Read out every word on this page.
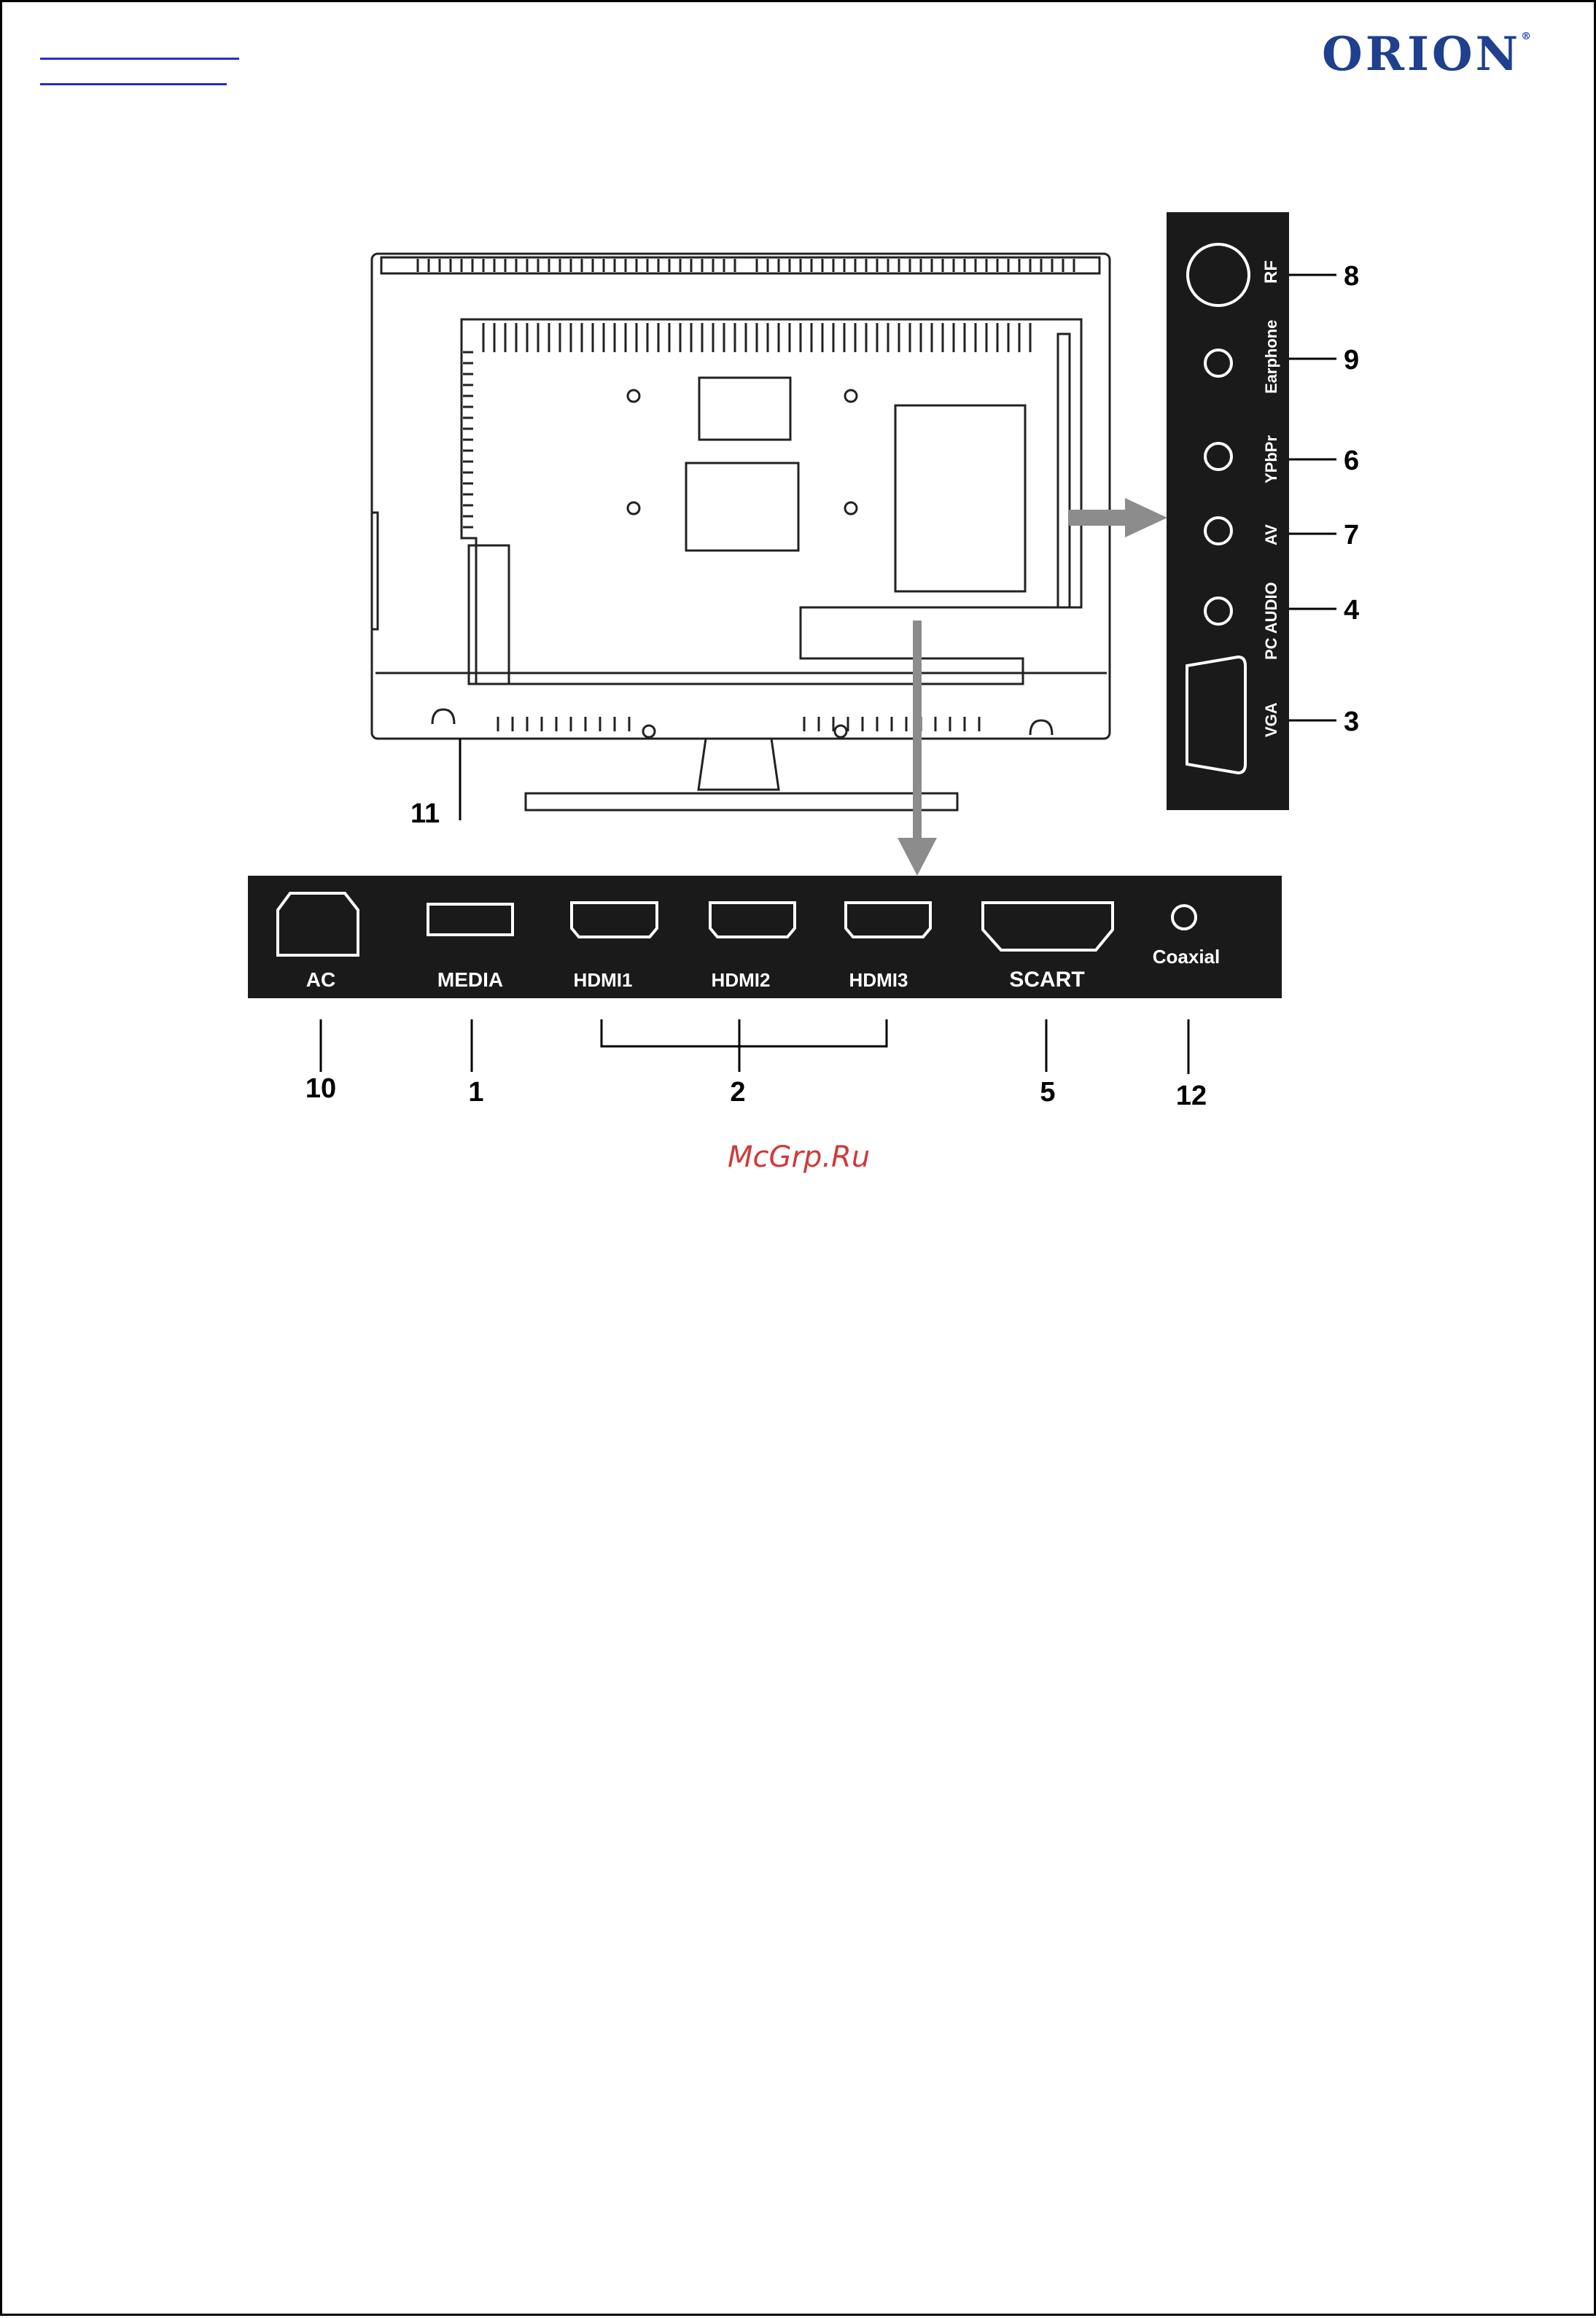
ORION®
11
RF
Earphone
YPbPr
AV
PC AUDIO
VGA
8
9
6
7
4
3
AC	MEDIA	HDMI1	HDMI2	HDMI3	SCART
Coaxial
10	1	2	5	12
McGrp.Ru
